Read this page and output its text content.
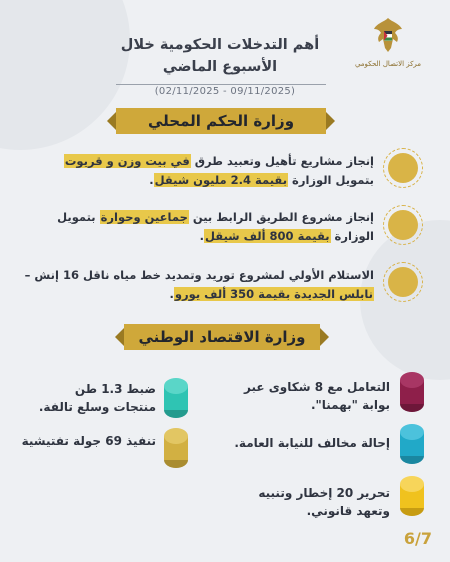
مركز الاتصال الحكومي
أهم التدخلات الحكومية خلال
الأسبوع الماضي
(02/11/2025 - 09/11/2025)
وزارة الحكم المحلي
إنجاز مشاريع تأهيل وتعبيد طرق في بيت وزن و قريوت بتمويل الوزارة بقيمة 2.4 مليون شيقل.
إنجاز مشروع الطريق الرابط بين جماعين وحوارة بتمويل الوزارة بقيمة 800 ألف شيقل.
الاستلام الأولي لمشروع توريد وتمديد خط مياه ناقل 16 إنش – نابلس الجديدة بقيمة 350 ألف يورو.
وزارة الاقتصاد الوطني
التعامل مع 8 شكاوى عبر بوابة "بهمنا".
ضبط 1.3 طن منتجات وسلع تالفة.
إحالة مخالف للنيابة العامة.
تنفيذ 69 جولة تفتيشية
تحرير 20 إخطار وتنبيه وتعهد قانوني.
6/7
